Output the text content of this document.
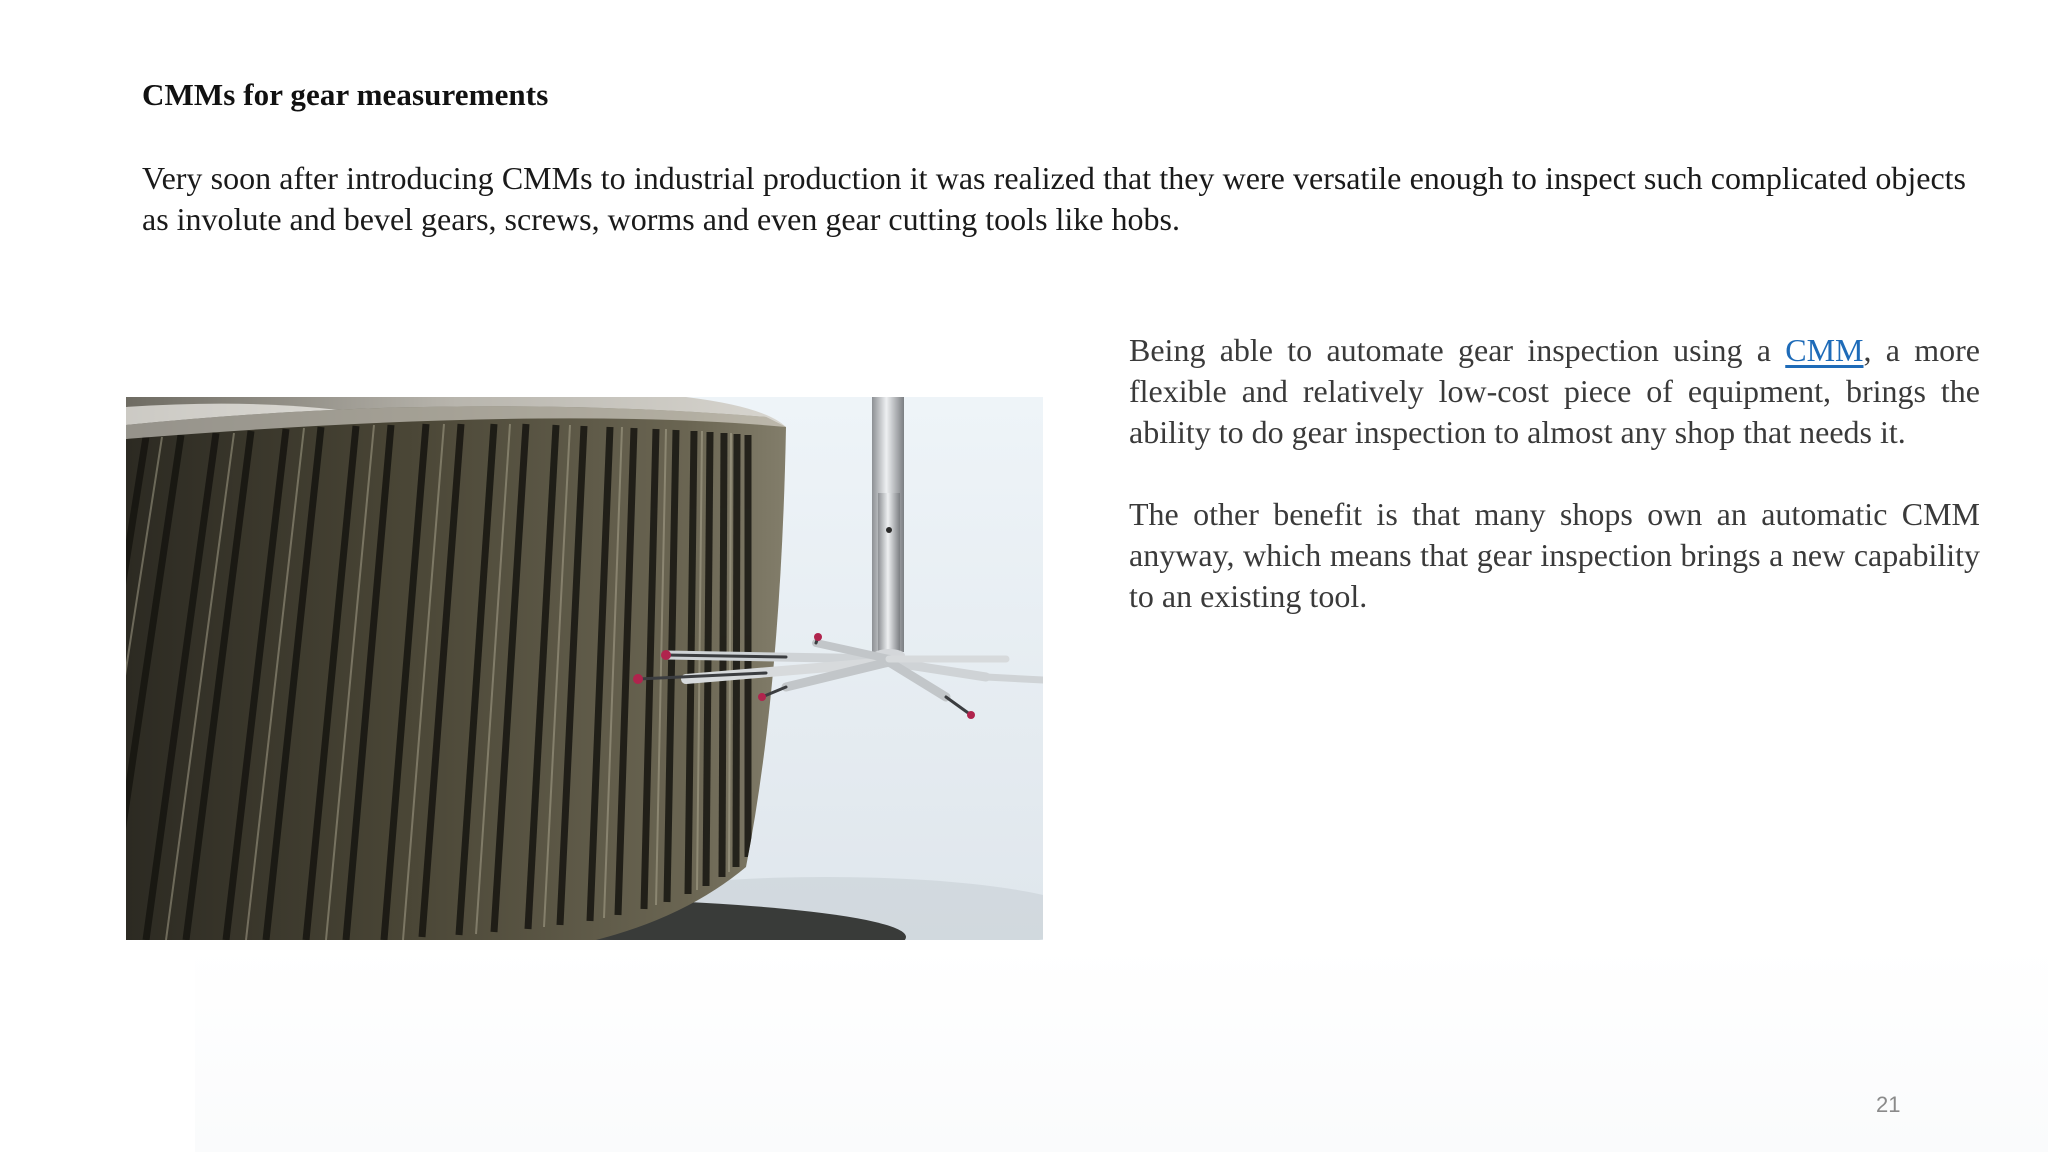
CMMs for gear measurements

Very soon after introducing CMMs to industrial production it was realized that they were versatile enough to inspect such complicated objects as involute and bevel gears, screws, worms and even gear cutting tools like hobs.

Being able to automate gear inspection using a CMM, a more flexible and relatively low-cost piece of equipment, brings the ability to do gear inspection to almost any shop that needs it.

The other benefit is that many shops own an automatic CMM anyway, which means that gear inspection brings a new capability to an existing tool.

21
